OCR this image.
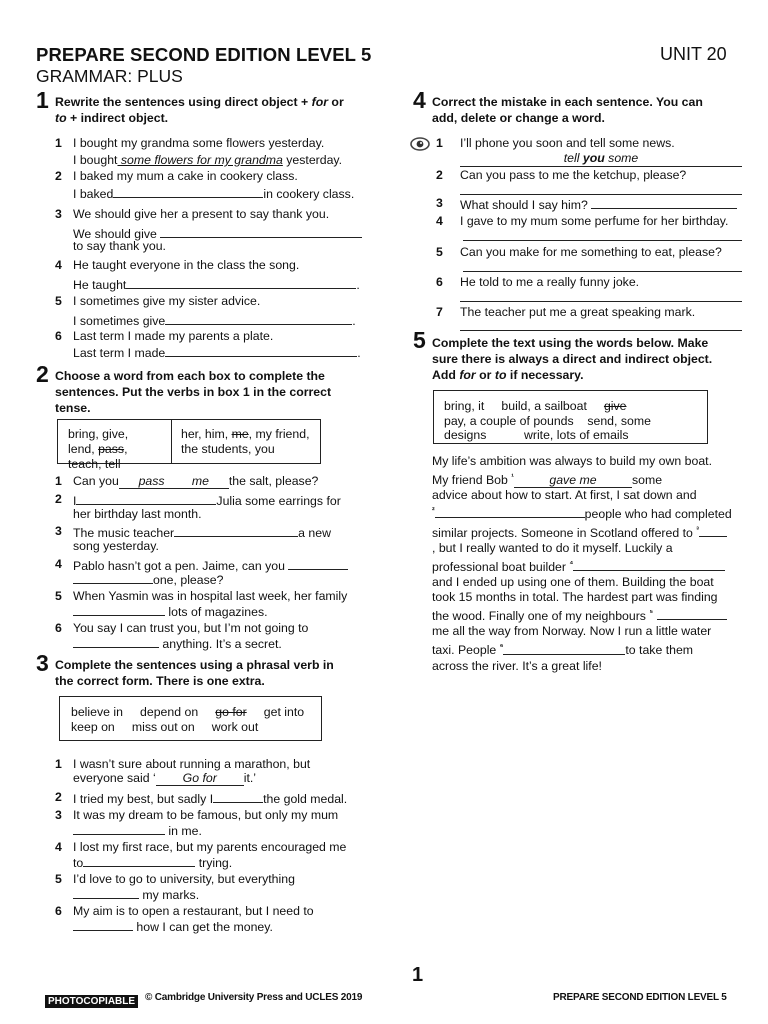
PREPARE SECOND EDITION LEVEL 5
GRAMMAR: PLUS
UNIT 20
1 Rewrite the sentences using direct object + for or
to + indirect object.
1 I bought my grandma some flowers yesterday.
I bought some flowers for my grandma yesterday.
2 I baked my mum a cake in cookery class.
I baked	in cookery class.
3 We should give her a present to say thank you.
We should give
to say thank you.
4 He taught everyone in the class the song.
He taught	.
5 I sometimes give my sister advice.
I sometimes give	.
6 Last term I made my parents a plate.
Last term I made	.
2 Choose a word from each box to complete the
sentences. Put the verbs in box 1 in the correct
tense.
bring, give,
lend, pass,
teach, tell
her, him, me, my friend,
the students, you
1 Can you pass me the salt, please?
2 I	Julia some earrings for
her birthday last month.
3 The music teacher	a new
song yesterday.
4 Pablo hasn’t got a pen. Jaime, can you
one, please?
5 When Yasmin was in hospital last week, her family
lots of magazines.
6 You say I can trust you, but I’m not going to
anything. It’s a secret.
3 Complete the sentences using a phrasal verb in
the correct form. There is one extra.
believe in     depend on     go for     get into
keep on     miss out on     work out
1 I wasn’t sure about running a marathon, but
everyone said ‘ Go for it.’
2 I tried my best, but sadly I	the gold medal.
3 It was my dream to be famous, but only my mum
in me.
4 I lost my first race, but my parents encouraged me
to	trying.
5 I’d love to go to university, but everything
my marks.
6 My aim is to open a restaurant, but I need to
how I can get the money.
4 Correct the mistake in each sentence. You can
add, delete or change a word.
1 I’ll phone you soon and tell some news.
tell you some
2 Can you pass to me the ketchup, please?
3 What should I say him?
4 I gave to my mum some perfume for her birthday.
5 Can you make for me something to eat, please?
6 He told to me a really funny joke.
7 The teacher put me a great speaking mark.
5 Complete the text using the words below. Make
sure there is always a direct and indirect object.
Add for or to if necessary.
bring, it     build, a sailboat     give
pay, a couple of pounds    send, some
designs           write, lots of emails
My life’s ambition was always to build my own boat.
My friend Bob $^{^1}$	gave me	some
advice about how to start. At first, I sat down and
$^{^2}$	people who had completed
similar projects. Someone in Scotland offered to $^{^3}$
, but I really wanted to do it myself. Luckily a
professional boat builder $^{^4}$
and I ended up using one of them. Building the boat
took 15 months in total. The hardest part was finding
the wood. Finally one of my neighbours $^{^5}$
me all the way from Norway. Now I run a little water
taxi. People $^{^6}$	to take them
across the river. It’s a great life!
1
PHOTOCOPIABLE © Cambridge University Press and UCLES 2019	PREPARE SECOND EDITION LEVEL 5
